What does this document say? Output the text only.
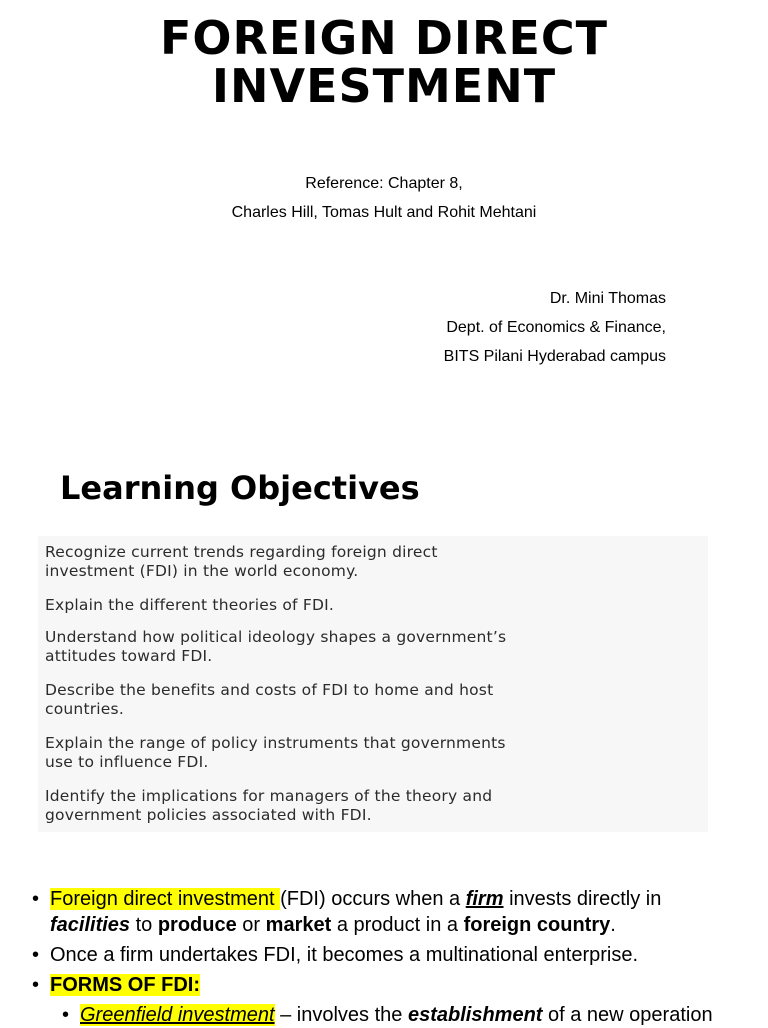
FOREIGN DIRECT
INVESTMENT
Reference: Chapter 8,
Charles Hill, Tomas Hult and Rohit Mehtani
Dr. Mini Thomas
Dept. of Economics & Finance,
BITS Pilani Hyderabad campus
Learning Objectives
Recognize current trends regarding foreign direct
investment (FDI) in the world economy.
Explain the different theories of FDI.
Understand how political ideology shapes a government’s
attitudes toward FDI.
Describe the benefits and costs of FDI to home and host
countries.
Explain the range of policy instruments that governments
use to influence FDI.
Identify the implications for managers of the theory and
government policies associated with FDI.
• Foreign direct investment (FDI) occurs when a firm invests directly in
facilities to produce or market a product in a foreign country.
• Once a firm undertakes FDI, it becomes a multinational enterprise.
• FORMS OF FDI:
• Greenfield investment – involves the establishment of a new operation
